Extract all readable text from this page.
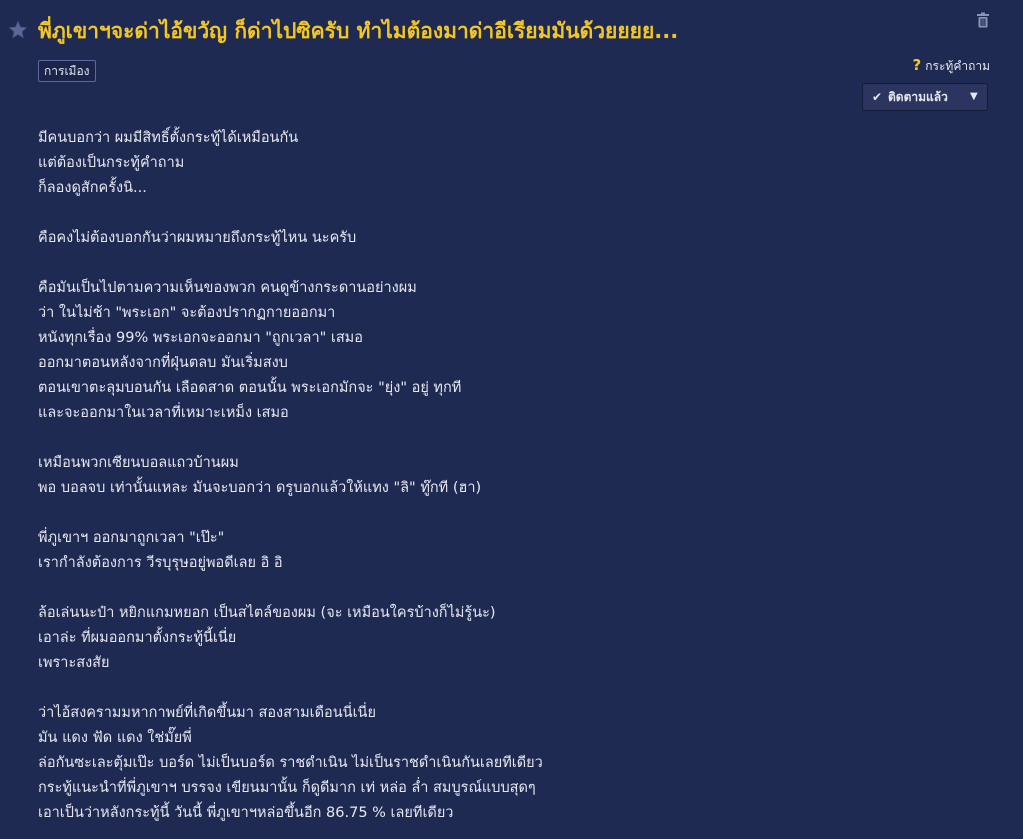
พี่ภูเขาฯจะด่าไอ้ขวัญ ก็ด่าไปซิครับ ทำไมต้องมาด่าอีเรียมมันด้วยยยย...
การเมือง	? กระทู้คำถาม
✔ ติดตามแล้ว ▼
มีคนบอกว่า ผมมีสิทธิ์ตั้งกระทู้ได้เหมือนกัน
แต่ต้องเป็นกระทู้คำถาม
ก็ลองดูสักครั้งนิ...
คือคงไม่ต้องบอกกันว่าผมหมายถึงกระทู้ไหน นะครับ
คือมันเป็นไปตามความเห็นของพวก คนดูข้างกระดานอย่างผม
ว่า ในไม่ช้า "พระเอก" จะต้องปรากฏกายออกมา
หนังทุกเรื่อง 99% พระเอกจะออกมา "ถูกเวลา" เสมอ
ออกมาตอนหลังจากที่ฝุ่นตลบ มันเริ่มสงบ
ตอนเขาตะลุมบอนกัน เลือดสาด ตอนนั้น พระเอกมักจะ "ยุ่ง" อยู่ ทุกที
และจะออกมาในเวลาที่เหมาะเหม็ง เสมอ
เหมือนพวกเซียนบอลแถวบ้านผม
พอ บอลจบ เท่านั้นแหละ มันจะบอกว่า ดรูบอกแล้วให้แทง "ลิ" ทู๊กที (ฮา)
พี่ภูเขาฯ ออกมาถูกเวลา "เป๊ะ"
เรากำลังต้องการ วีรบุรุษอยู่พอดีเลย อิ อิ
ล้อเล่นนะป๋า หยิกแกมหยอก เป็นสไตล์ของผม (จะ เหมือนใครบ้างก็ไม่รู้นะ)
เอาล่ะ ที่ผมออกมาตั้งกระทู้นี้เนี่ย
เพราะสงสัย
ว่าไอ้สงครามมหากาพย์ที่เกิดขึ้นมา สองสามเดือนนี่เนี่ย
มัน แดง ฟัด แดง ใช่มั๊ยพี่
ล่อกันซะเละตุ้มเป๊ะ บอร์ด ไม่เป็นบอร์ด ราชดำเนิน ไม่เป็นราชดำเนินกันเลยทีเดียว
กระทู้แนะนำที่พี่ภูเขาฯ บรรจง เขียนมานั้น ก็ดูดีมาก เท่ หล่อ ล่ำ สมบูรณ์แบบสุดๆ
เอาเป็นว่าหลังกระทู้นี้ วันนี้ พี่ภูเขาฯหล่อขึ้นอีก 86.75 % เลยทีเดียว
